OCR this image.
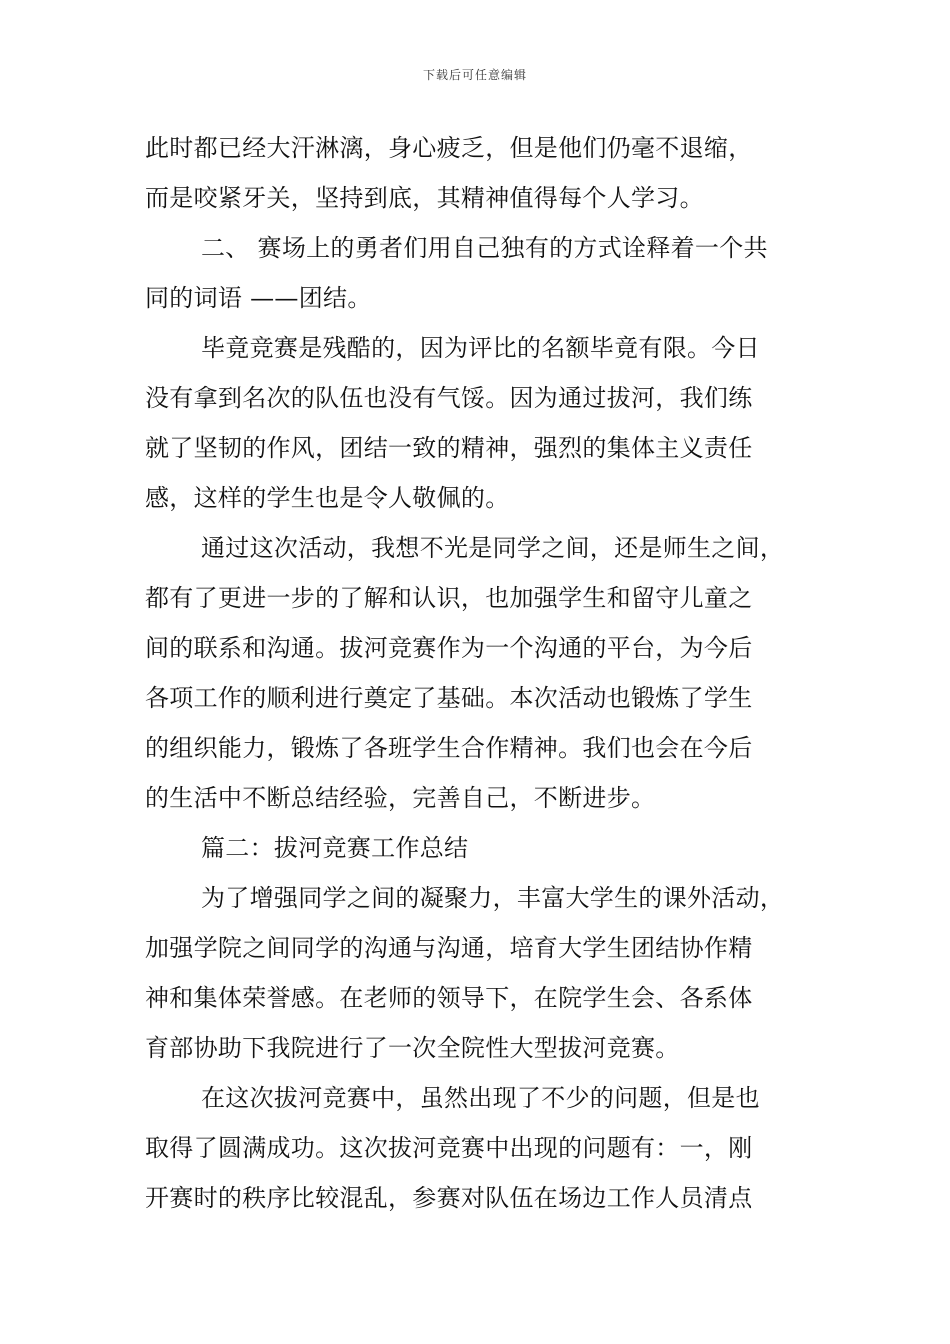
下载后可任意编辑
此时都已经大汗淋漓，身心疲乏，但是他们仍毫不退缩，
而是咬紧牙关，坚持到底，其精神值得每个人学习。
二、 赛场上的勇者们用自己独有的方式诠释着一个共
同的词语 ——团结。
毕竟竞赛是残酷的，因为评比的名额毕竟有限。今日
没有拿到名次的队伍也没有气馁。因为通过拔河，我们练
就了坚韧的作风，团结一致的精神，强烈的集体主义责任
感，这样的学生也是令人敬佩的。
通过这次活动，我想不光是同学之间，还是师生之间，
都有了更进一步的了解和认识，也加强学生和留守儿童之
间的联系和沟通。拔河竞赛作为一个沟通的平台，为今后
各项工作的顺利进行奠定了基础。本次活动也锻炼了学生
的组织能力，锻炼了各班学生合作精神。我们也会在今后
的生活中不断总结经验，完善自己，不断进步。
篇二：拔河竞赛工作总结
为了增强同学之间的凝聚力，丰富大学生的课外活动，
加强学院之间同学的沟通与沟通，培育大学生团结协作精
神和集体荣誉感。在老师的领导下，在院学生会、各系体
育部协助下我院进行了一次全院性大型拔河竞赛。
在这次拔河竞赛中，虽然出现了不少的问题，但是也
取得了圆满成功。这次拔河竞赛中出现的问题有：一，刚
开赛时的秩序比较混乱，参赛对队伍在场边工作人员清点
